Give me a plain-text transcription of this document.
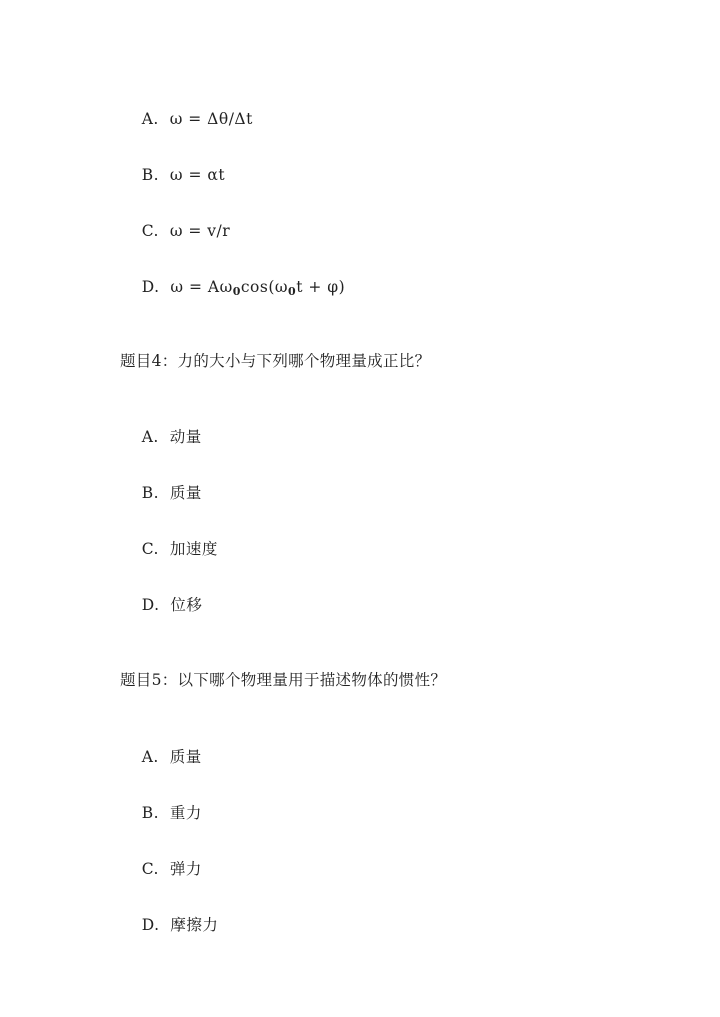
A. ω = Δθ/Δt

B. ω = αt

C. ω = v/r

D. $\omega = A\omega_0\cos(\omega_0t + \varphi)$

题目4：力的大小与下列哪个物理量成正比？

A. 动量

B. 质量

C. 加速度

D. 位移

题目5：以下哪个物理量用于描述物体的惯性？

A. 质量

B. 重力

C. 弹力

D. 摩擦力
